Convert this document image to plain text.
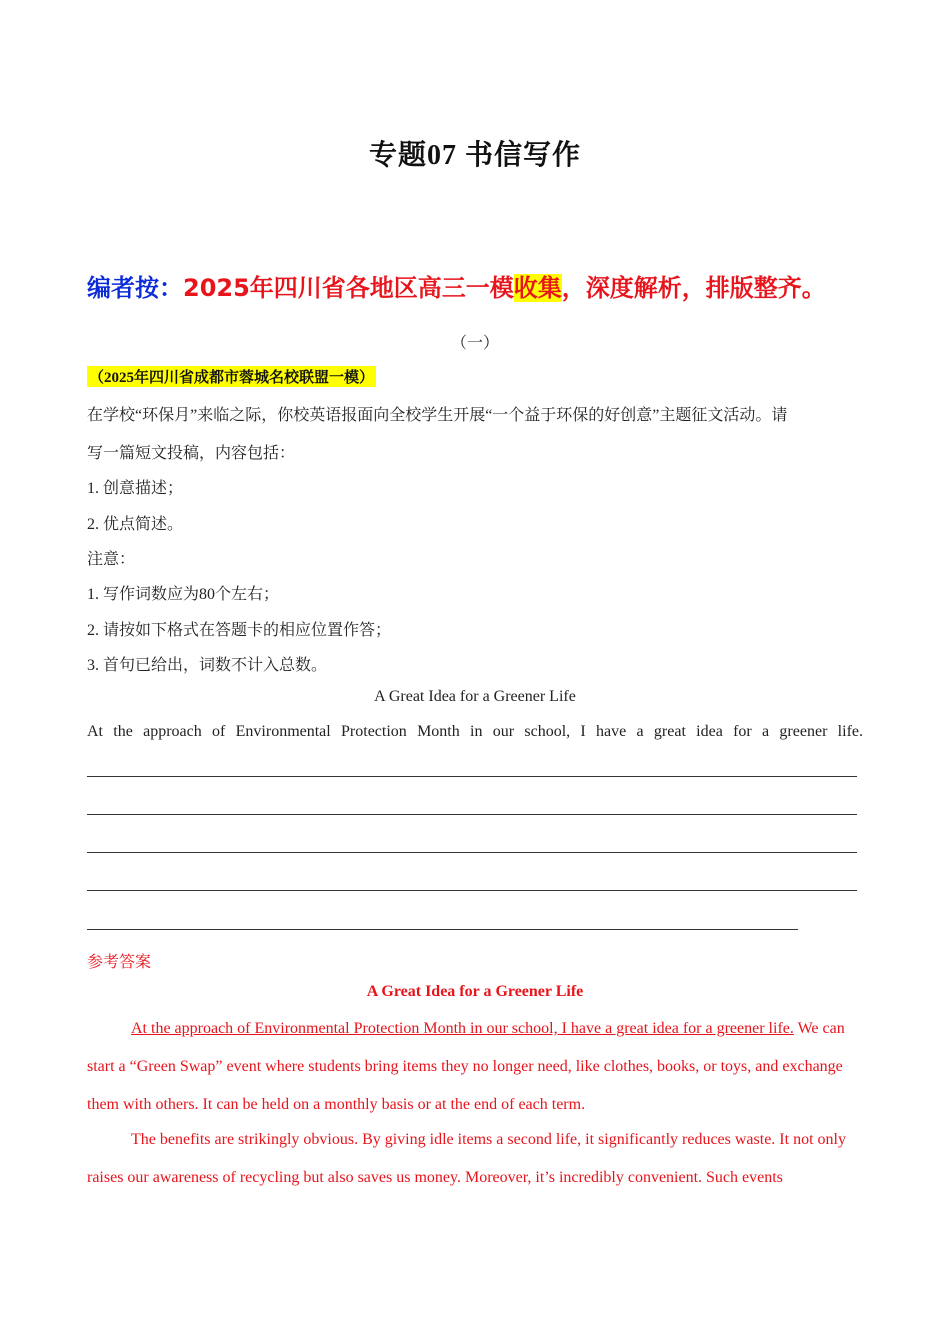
专题07 书信写作
编者按：2025年四川省各地区高三一模收集，深度解析，排版整齐。
（一）
（2025年四川省成都市蓉城名校联盟一模）
在学校“环保月”来临之际，你校英语报面向全校学生开展“一个益于环保的好创意”主题征文活动。请
写一篇短文投稿，内容包括：
1. 创意描述；
2. 优点简述。
注意：
1. 写作词数应为80个左右；
2. 请按如下格式在答题卡的相应位置作答；
3. 首句已给出，词数不计入总数。
A Great Idea for a Greener Life
At the approach of Environmental Protection Month in our school, I have a great idea for a greener life.
参考答案
A Great Idea for a Greener Life
At the approach of Environmental Protection Month in our school, I have a great idea for a greener life. We can start a “Green Swap” event where students bring items they no longer need, like clothes, books, or toys, and exchange them with others. It can be held on a monthly basis or at the end of each term.
The benefits are strikingly obvious. By giving idle items a second life, it significantly reduces waste. It not only raises our awareness of recycling but also saves us money. Moreover, it’s incredibly convenient. Such events
